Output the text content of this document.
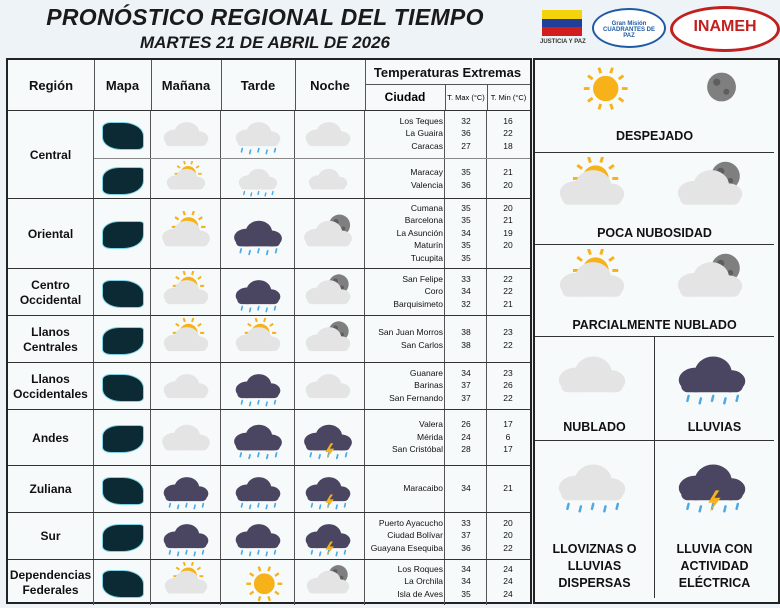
PRONÓSTICO REGIONAL DEL TIEMPO
MARTES 21 DE ABRIL DE 2026	JUSTICIA Y PAZ
Gran Misión CUADRANTES DE PAZ
INAMEH
Región	Mapa	Mañana	Tarde	Noche
Temperaturas Extremas
Ciudad	T. Max (°C) T. Min (°C)
Central
Los Teques	32	16
La Guaira	36	22
Caracas	27	18
Maracay	35	21
Valencia	36	20
Oriental
Cumana	35	20
Barcelona	35	21
La Asunción	34	19
Maturín	35	20
Tucupita	35
Centro Occidental
San Felipe	33	22
Coro	34	22
Barquisimeto	32	21
Llanos Centrales
San Juan Morros	38	23
San Carlos	38	22
Llanos Occidentales
Guanare	34	23
Barinas	37	26
San Fernando	37	22
Andes
Valera	26	17
Mérida	24	6
San Cristóbal	28	17
Zuliana	Maracaibo	34	21
Sur
Puerto Ayacucho	33	20
Ciudad Bolívar	37	20
Guayana Esequiba	36	22
Dependencias Federales
Los Roques	34	24
La Orchila	34	24
Isla de Aves	35	24
DESPEJADO
POCA NUBOSIDAD
PARCIALMENTE NUBLADO
NUBLADO	LLUVIAS
LLOVIZNAS O LLUVIAS DISPERSAS
LLUVIA CON ACTIVIDAD ELÉCTRICA
